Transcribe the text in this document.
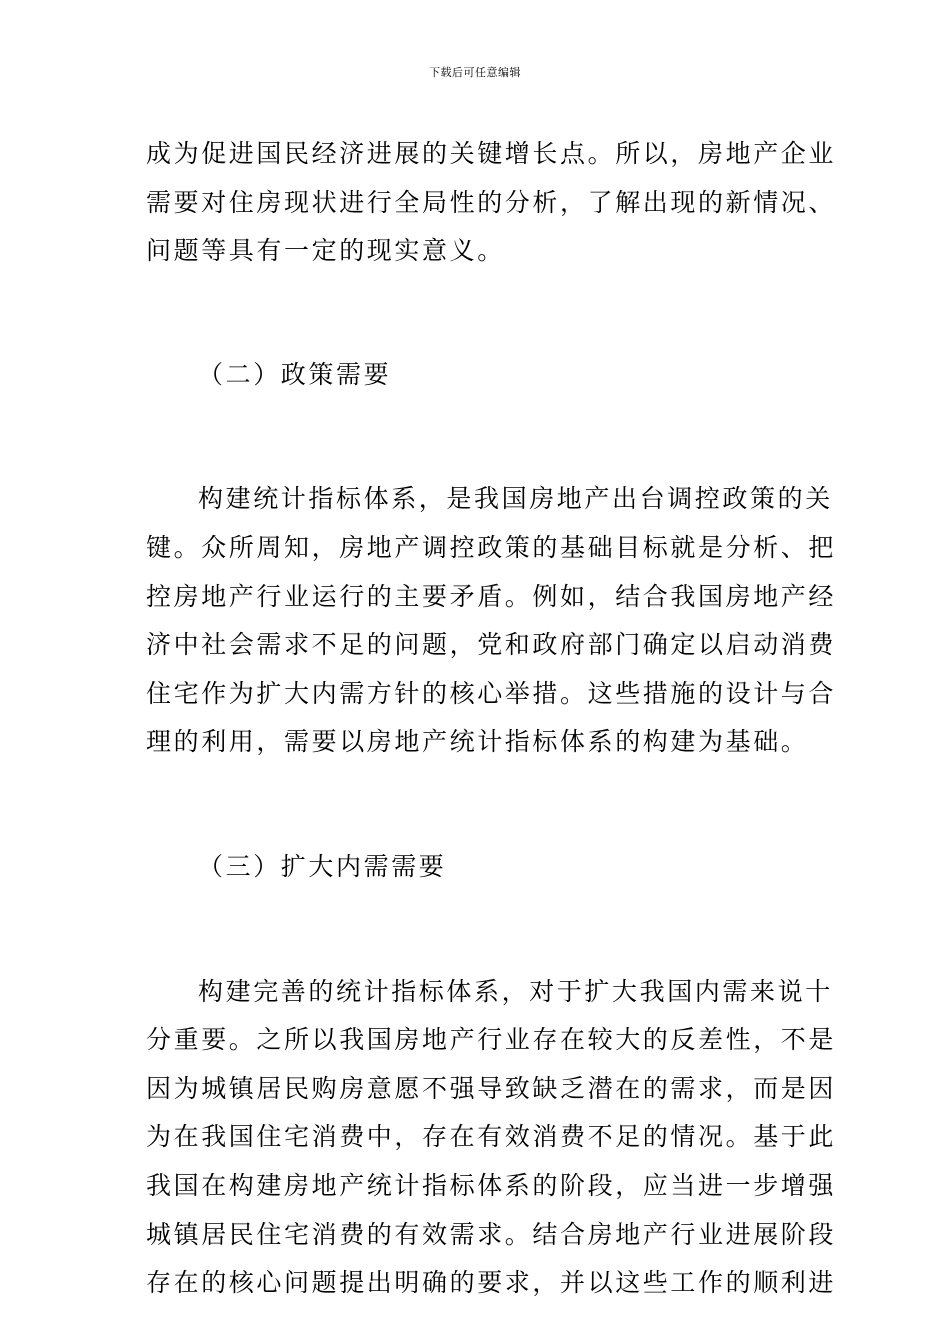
下载后可任意编辑

成为促进国民经济进展的关键增长点。所以，房地产企业
需要对住房现状进行全局性的分析，了解出现的新情况、
问题等具有一定的现实意义。

（二）政策需要

构建统计指标体系，是我国房地产出台调控政策的关
键。众所周知，房地产调控政策的基础目标就是分析、把
控房地产行业运行的主要矛盾。例如，结合我国房地产经
济中社会需求不足的问题，党和政府部门确定以启动消费
住宅作为扩大内需方针的核心举措。这些措施的设计与合
理的利用，需要以房地产统计指标体系的构建为基础。

（三）扩大内需需要

构建完善的统计指标体系，对于扩大我国内需来说十
分重要。之所以我国房地产行业存在较大的反差性，不是
因为城镇居民购房意愿不强导致缺乏潜在的需求，而是因
为在我国住宅消费中，存在有效消费不足的情况。基于此
我国在构建房地产统计指标体系的阶段，应当进一步增强
城镇居民住宅消费的有效需求。结合房地产行业进展阶段
存在的核心问题提出明确的要求，并以这些工作的顺利进
